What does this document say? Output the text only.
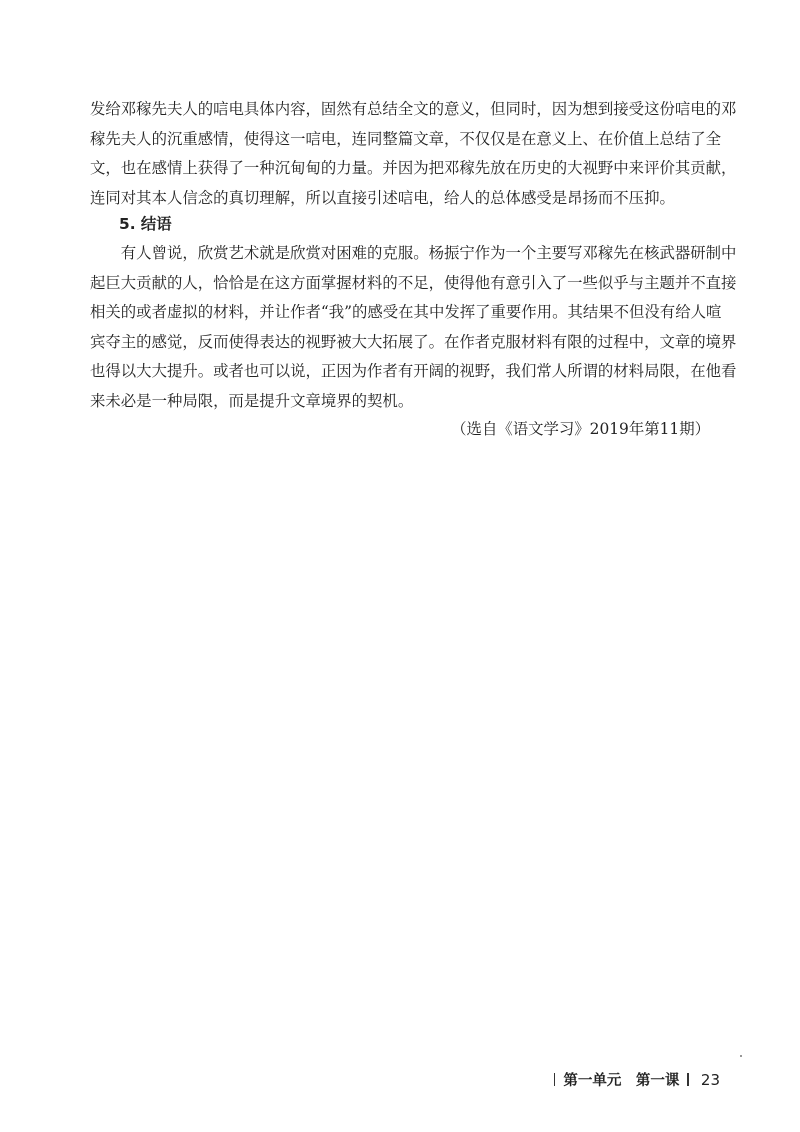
发给邓稼先夫人的唁电具体内容，固然有总结全文的意义，但同时，因为想到接受这份唁电的邓
稼先夫人的沉重感情，使得这一唁电，连同整篇文章，不仅仅是在意义上、在价值上总结了全
文，也在感情上获得了一种沉甸甸的力量。并因为把邓稼先放在历史的大视野中来评价其贡献，
连同对其本人信念的真切理解，所以直接引述唁电，给人的总体感受是昂扬而不压抑。
5. 结语
　　有人曾说，欣赏艺术就是欣赏对困难的克服。杨振宁作为一个主要写邓稼先在核武器研制中
起巨大贡献的人，恰恰是在这方面掌握材料的不足，使得他有意引入了一些似乎与主题并不直接
相关的或者虚拟的材料，并让作者“我”的感受在其中发挥了重要作用。其结果不但没有给人喧
宾夺主的感觉，反而使得表达的视野被大大拓展了。在作者克服材料有限的过程中，文章的境界
也得以大大提升。或者也可以说，正因为作者有开阔的视野，我们常人所谓的材料局限，在他看
来未必是一种局限，而是提升文章境界的契机。
（选自《语文学习》2019年第11期）
第一单元　第一课 23
